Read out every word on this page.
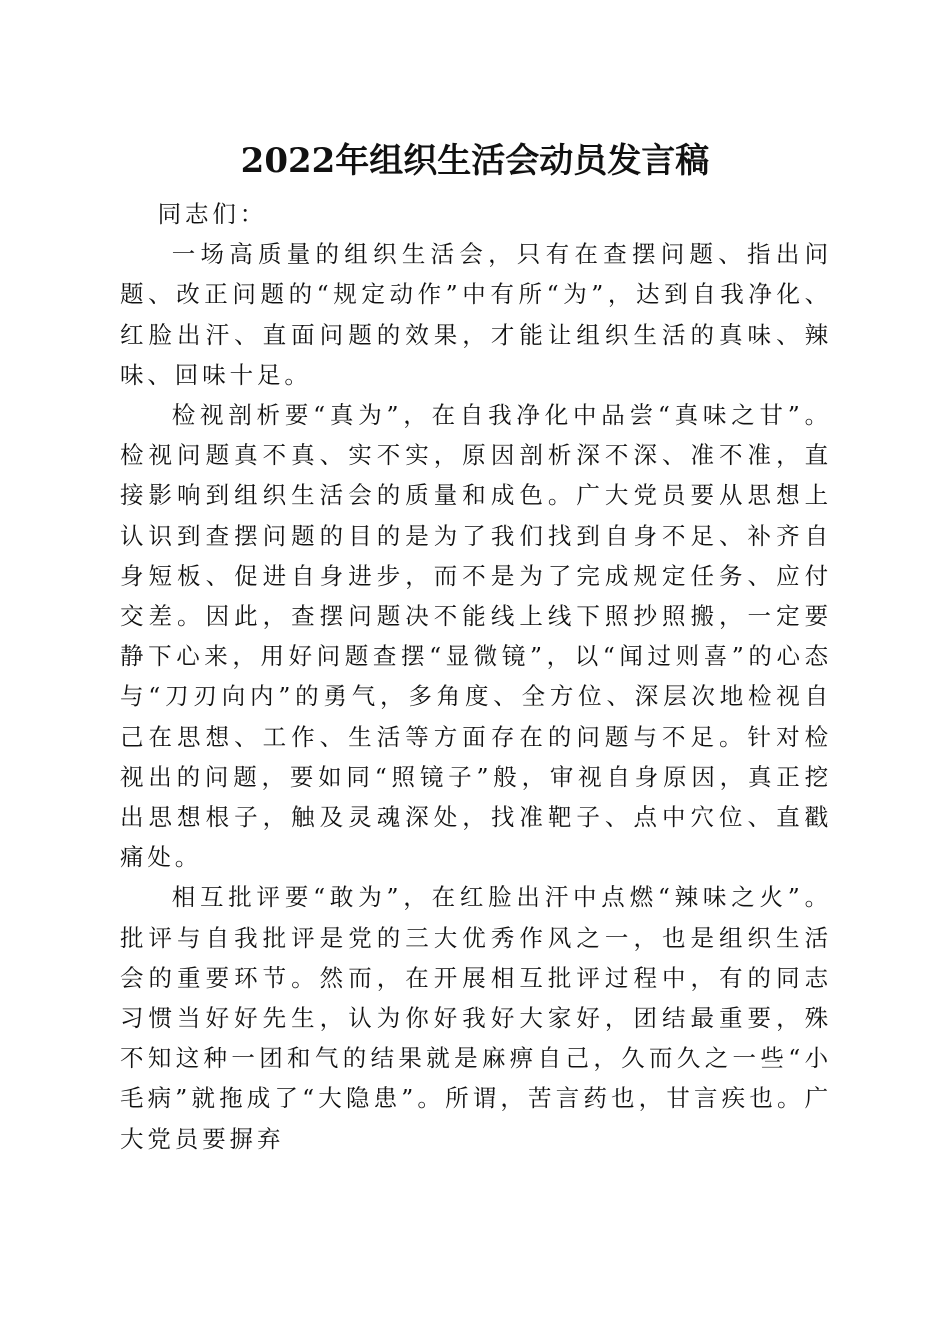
2022年组织生活会动员发言稿

同志们：

一场高质量的组织生活会，只有在查摆问题、指出问题、改正问题的“规定动作”中有所“为”，达到自我净化、红脸出汗、直面问题的效果，才能让组织生活的真味、辣味、回味十足。

检视剖析要“真为”，在自我净化中品尝“真味之甘”。检视问题真不真、实不实，原因剖析深不深、准不准，直接影响到组织生活会的质量和成色。广大党员要从思想上认识到查摆问题的目的是为了我们找到自身不足、补齐自身短板、促进自身进步，而不是为了完成规定任务、应付交差。因此，查摆问题决不能线上线下照抄照搬，一定要静下心来，用好问题查摆“显微镜”，以“闻过则喜”的心态与“刀刃向内”的勇气，多角度、全方位、深层次地检视自己在思想、工作、生活等方面存在的问题与不足。针对检视出的问题，要如同“照镜子”般，审视自身原因，真正挖出思想根子，触及灵魂深处，找准靶子、点中穴位、直戳痛处。

相互批评要“敢为”，在红脸出汗中点燃“辣味之火”。批评与自我批评是党的三大优秀作风之一，也是组织生活会的重要环节。然而，在开展相互批评过程中，有的同志习惯当好好先生，认为你好我好大家好，团结最重要，殊不知这种一团和气的结果就是麻痹自己，久而久之一些“小毛病”就拖成了“大隐患”。所谓，苦言药也，甘言疾也。广大党员要摒弃
